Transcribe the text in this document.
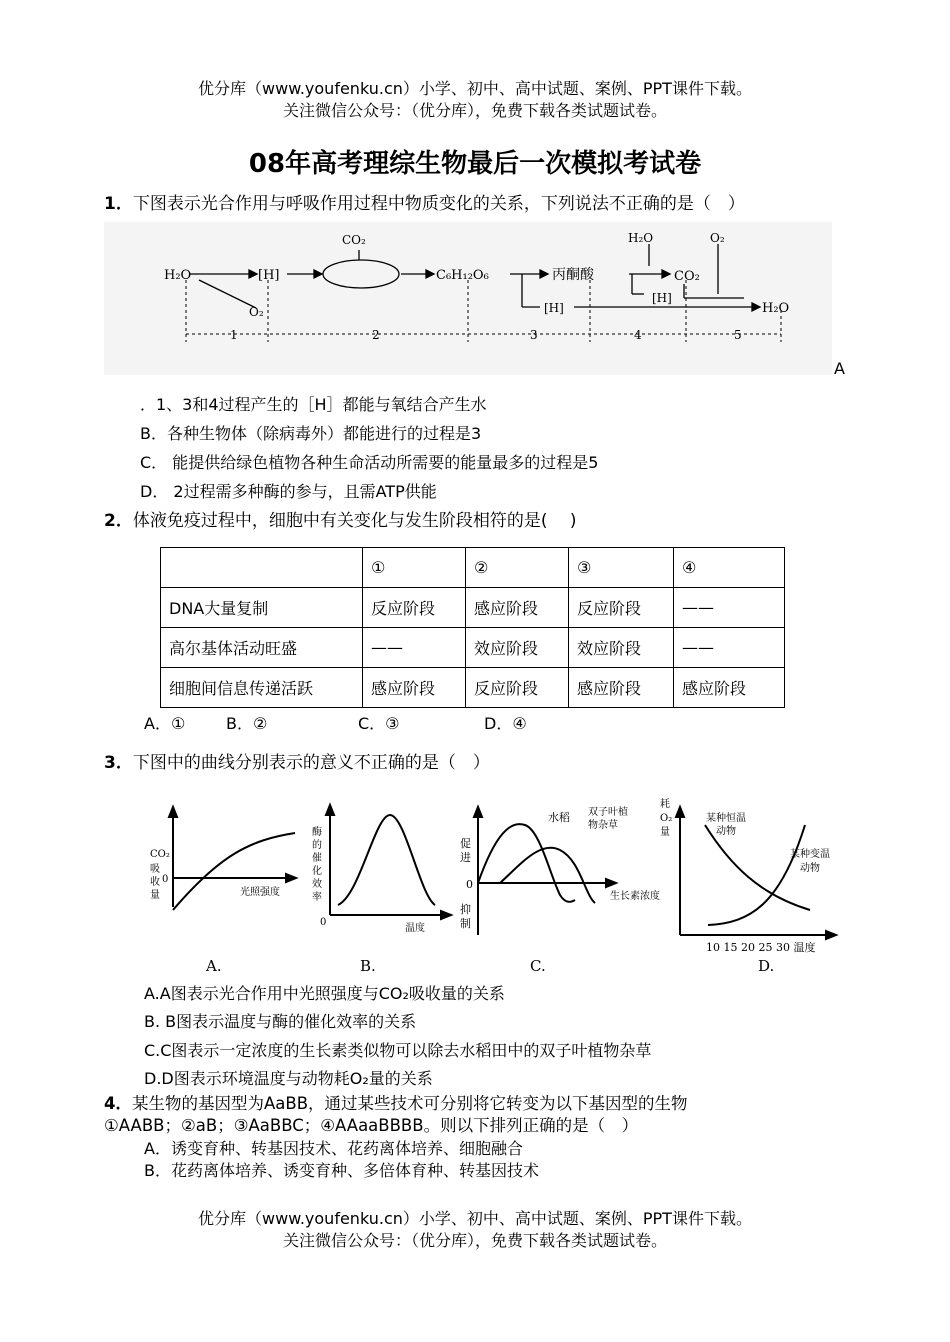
优分库（www.youfenku.cn）小学、初中、高中试题、案例、PPT课件下载。
关注微信公众号：（优分库），免费下载各类试题试卷。
08年高考理综生物最后一次模拟考试卷
1．下图表示光合作用与呼吸作用过程中物质变化的关系，下列说法不正确的是（　）
H₂O	[H]
CO₂
O₂
C₆H₁₂O₆	丙酮酸
H₂O	O₂
CO₂
[H]
[H]	H₂O
1	2	3	4	5
A
．1、3和4过程产生的［H］都能与氧结合产生水
B．各种生物体（除病毒外）都能进行的过程是3
C． 能提供给绿色植物各种生命活动所需要的能量最多的过程是5
D． 2过程需多种酶的参与，且需ATP供能
2．体液免疫过程中，细胞中有关变化与发生阶段相符的是(　 )
	①	②	③	④
DNA大量复制	反应阶段	感应阶段	反应阶段	——
高尔基体活动旺盛	——	效应阶段	效应阶段	——
细胞间信息传递活跃	感应阶段	反应阶段	感应阶段	感应阶段
A．①	B．②	C．③	D．④
3．下图中的曲线分别表示的意义不正确的是（　）
CO₂
吸
收
量
0
光照强度
A.
酶
的
催
化
效
率
0
温度
B.
促
进
0
抑
制
水稻 双子叶植
物杂草
生长素浓度
C.
耗
O₂
量
某种恒温
动物
某种变温
动物
10 15 20 25 30 温度
D.
A.A图表示光合作用中光照强度与CO₂吸收量的关系
B. B图表示温度与酶的催化效率的关系
C.C图表示一定浓度的生长素类似物可以除去水稻田中的双子叶植物杂草
D.D图表示环境温度与动物耗O₂量的关系
4．某生物的基因型为AaBB，通过某些技术可分别将它转变为以下基因型的生物
①AABB；②aB；③AaBBC；④AAaaBBBB。则以下排列正确的是（　）
A．诱变育种、转基因技术、花药离体培养、细胞融合
B．花药离体培养、诱变育种、多倍体育种、转基因技术
优分库（www.youfenku.cn）小学、初中、高中试题、案例、PPT课件下载。
关注微信公众号：（优分库），免费下载各类试题试卷。
